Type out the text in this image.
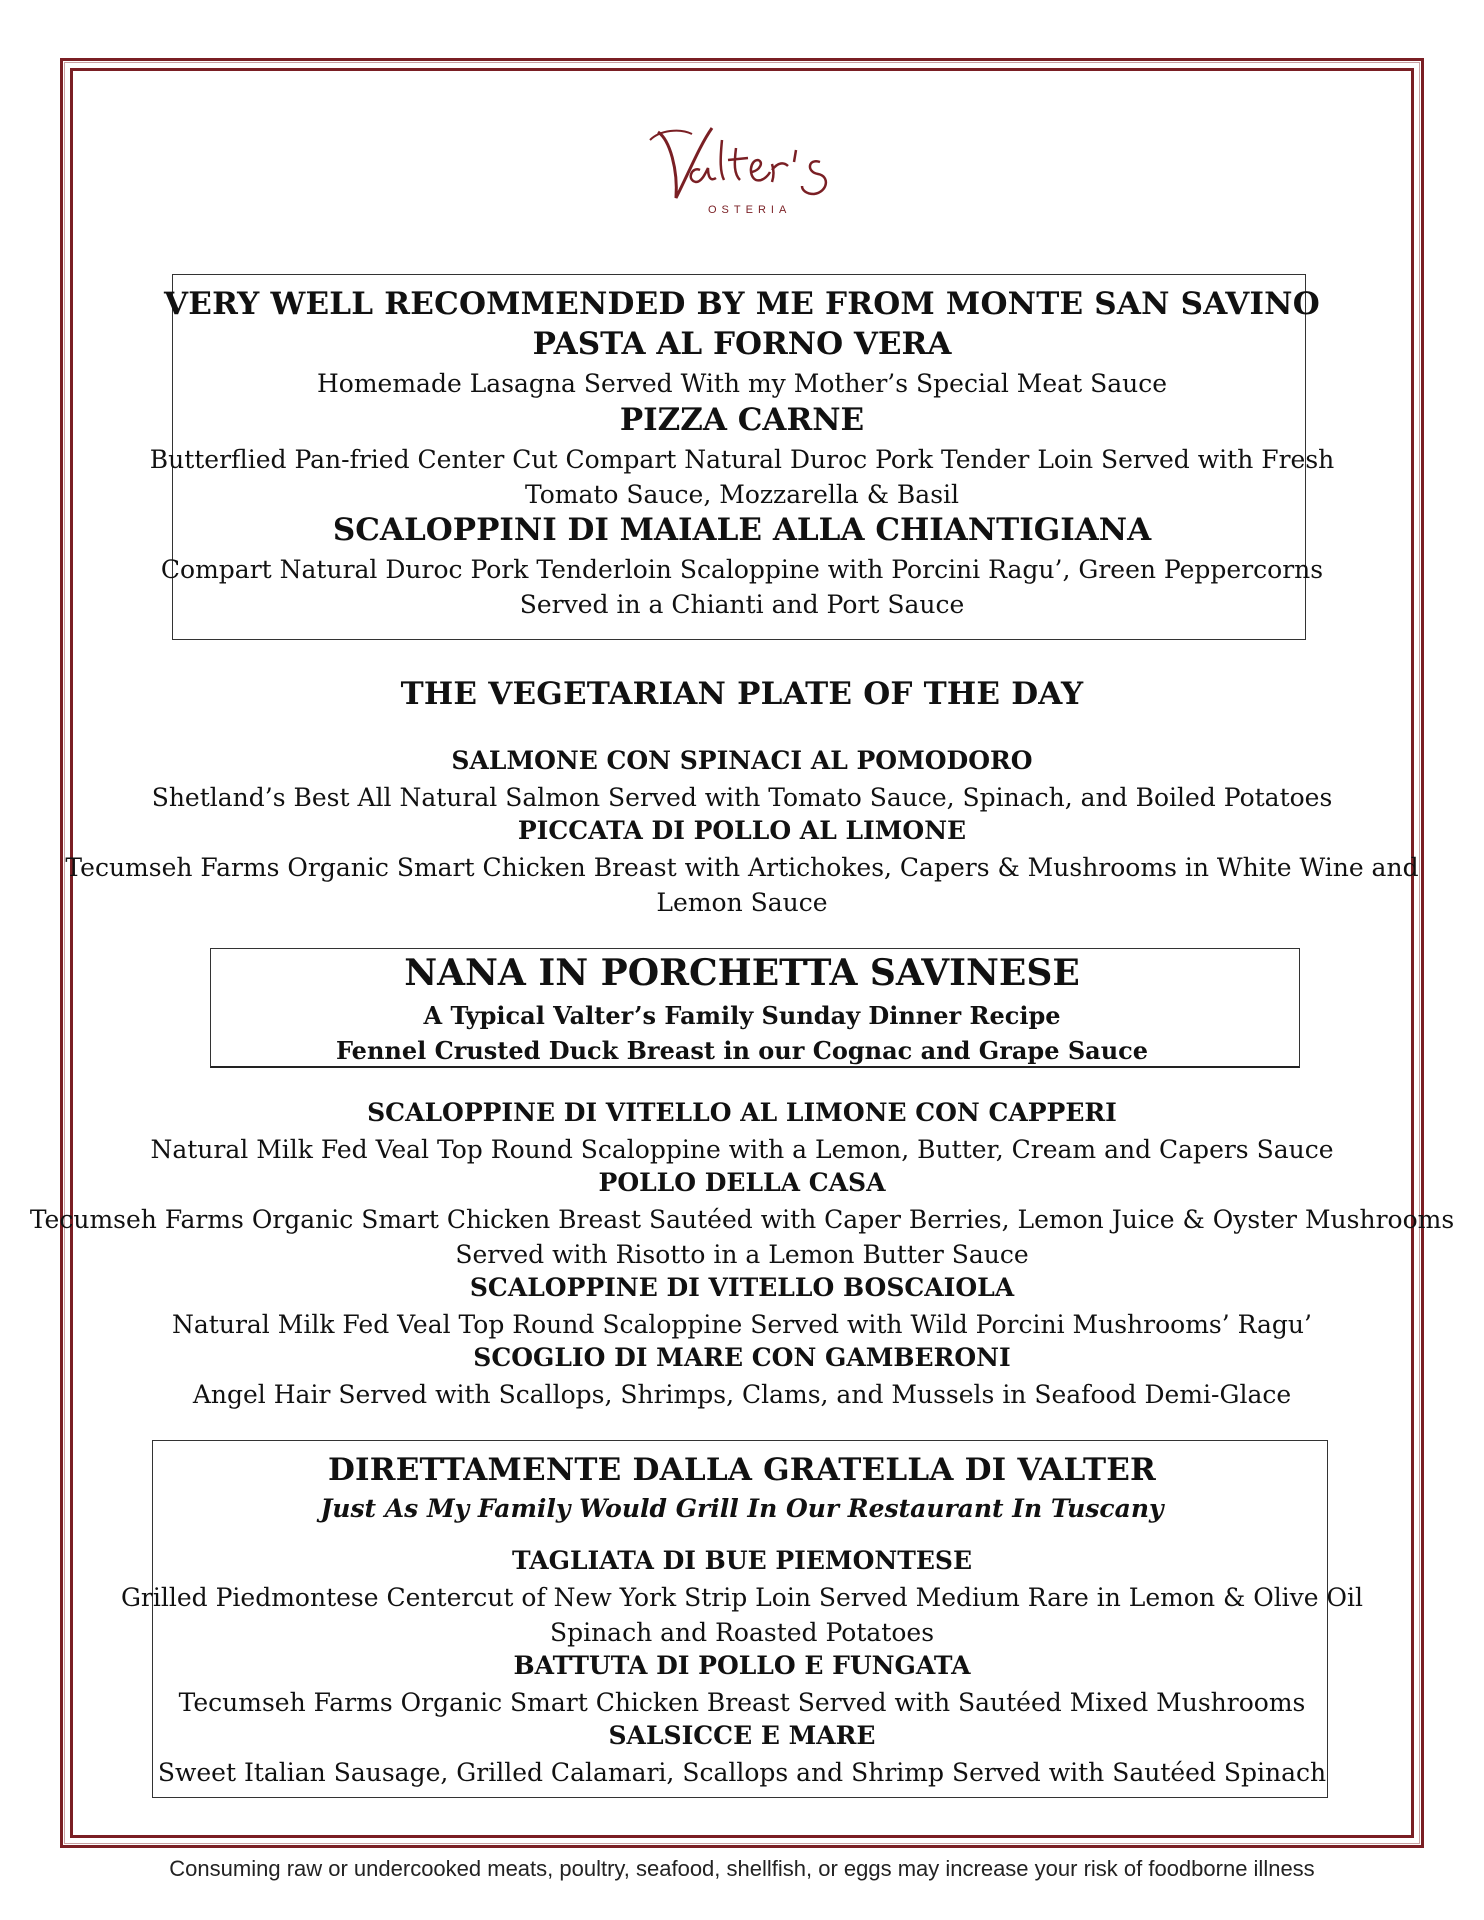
OSTERIA
VERY WELL RECOMMENDED BY ME FROM MONTE SAN SAVINO
PASTA AL FORNO VERA
Homemade Lasagna Served With my Mother’s Special Meat Sauce
PIZZA CARNE
Butterflied Pan-fried Center Cut Compart Natural Duroc Pork Tender Loin Served with Fresh
Tomato Sauce, Mozzarella & Basil
SCALOPPINI DI MAIALE ALLA CHIANTIGIANA
Compart Natural Duroc Pork Tenderloin Scaloppine with Porcini Ragu’, Green Peppercorns
Served in a Chianti and Port Sauce
THE VEGETARIAN PLATE OF THE DAY
SALMONE CON SPINACI AL POMODORO
Shetland’s Best All Natural Salmon Served with Tomato Sauce, Spinach, and Boiled Potatoes
PICCATA DI POLLO AL LIMONE
Tecumseh Farms Organic Smart Chicken Breast with Artichokes, Capers & Mushrooms in White Wine and
Lemon Sauce
NANA IN PORCHETTA SAVINESE
A Typical Valter’s Family Sunday Dinner Recipe
Fennel Crusted Duck Breast in our Cognac and Grape Sauce
SCALOPPINE DI VITELLO AL LIMONE CON CAPPERI
Natural Milk Fed Veal Top Round Scaloppine with a Lemon, Butter, Cream and Capers Sauce
POLLO DELLA CASA
Tecumseh Farms Organic Smart Chicken Breast Sautéed with Caper Berries, Lemon Juice & Oyster Mushrooms
Served with Risotto in a Lemon Butter Sauce
SCALOPPINE DI VITELLO BOSCAIOLA
Natural Milk Fed Veal Top Round Scaloppine Served with Wild Porcini Mushrooms’ Ragu’
SCOGLIO DI MARE CON GAMBERONI
Angel Hair Served with Scallops, Shrimps, Clams, and Mussels in Seafood Demi-Glace
DIRETTAMENTE DALLA GRATELLA DI VALTER
Just As My Family Would Grill In Our Restaurant In Tuscany
TAGLIATA DI BUE PIEMONTESE
Grilled Piedmontese Centercut of New York Strip Loin Served Medium Rare in Lemon & Olive Oil
Spinach and Roasted Potatoes
BATTUTA DI POLLO E FUNGATA
Tecumseh Farms Organic Smart Chicken Breast Served with Sautéed Mixed Mushrooms
SALSICCE E MARE
Sweet Italian Sausage, Grilled Calamari, Scallops and Shrimp Served with Sautéed Spinach
Consuming raw or undercooked meats, poultry, seafood, shellfish, or eggs may increase your risk of foodborne illness
